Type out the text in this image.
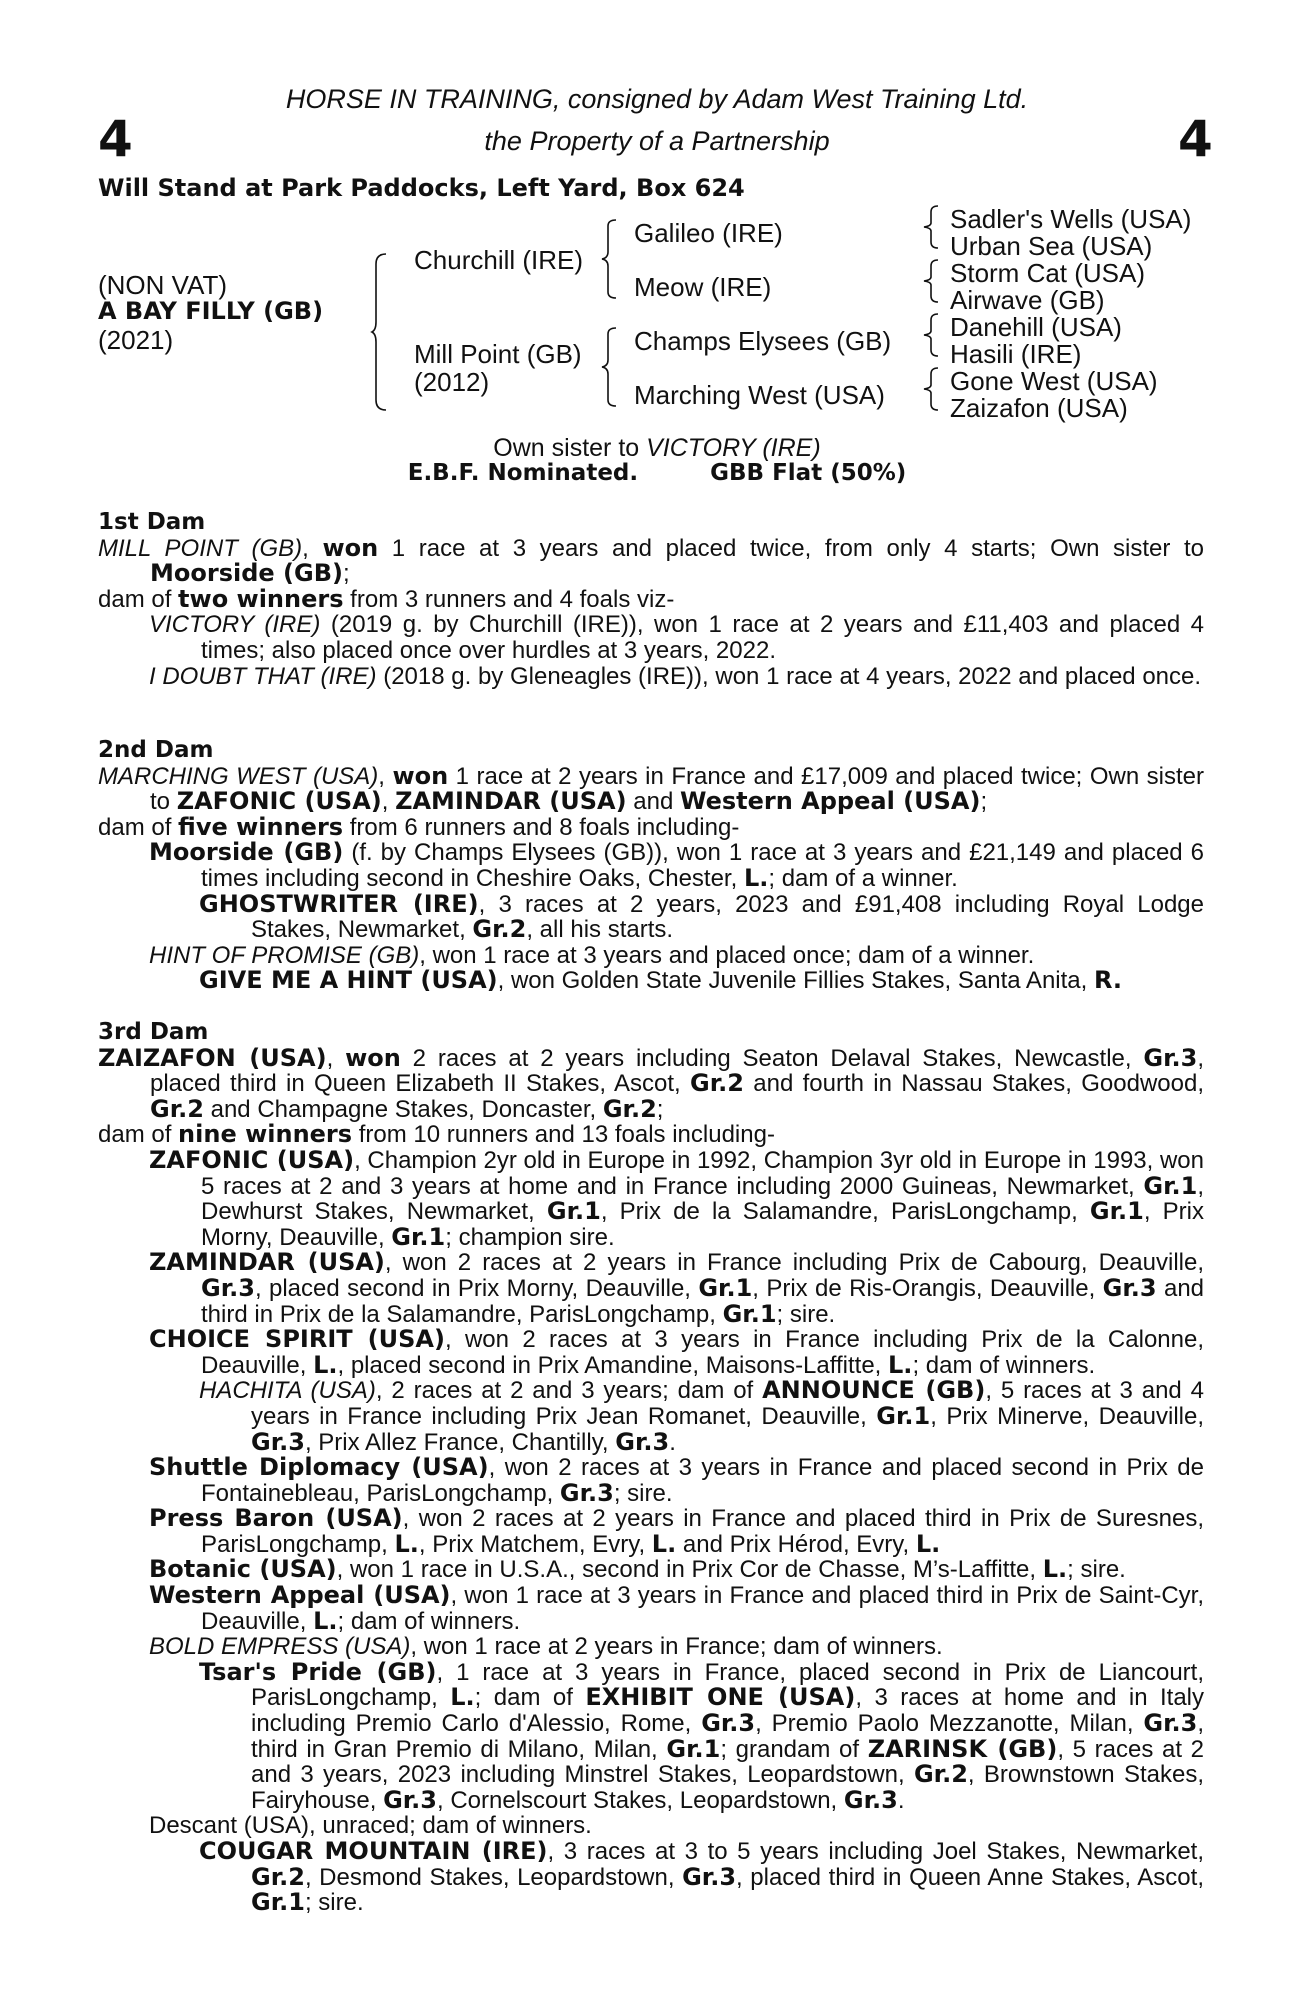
4	4
HORSE IN TRAINING, consigned by Adam West Training Ltd.
the Property of a Partnership
Will Stand at Park Paddocks, Left Yard, Box 624
(NON VAT)
A BAY FILLY (GB)
(2021)
Churchill (IRE)
Mill Point (GB)
(2012)
Galileo (IRE)
Meow (IRE)
Champs Elysees (GB)
Marching West (USA)
Sadler's Wells (USA)
Urban Sea (USA)
Storm Cat (USA)
Airwave (GB)
Danehill (USA)
Hasili (IRE)
Gone West (USA)
Zaizafon (USA)
Own sister to VICTORY (IRE)
E.B.F. Nominated.	GBB Flat (50%)
1st Dam

MILL POINT (GB), won 1 race at 3 years and placed twice, from only 4 starts; Own sister to Moorside (GB);

dam of two winners from 3 runners and 4 foals viz-

VICTORY (IRE) (2019 g. by Churchill (IRE)), won 1 race at 2 years and £11,403 and placed 4 times; also placed once over hurdles at 3 years, 2022.

I DOUBT THAT (IRE) (2018 g. by Gleneagles (IRE)), won 1 race at 4 years, 2022 and placed once.

2nd Dam

MARCHING WEST (USA), won 1 race at 2 years in France and £17,009 and placed twice; Own sister to ZAFONIC (USA), ZAMINDAR (USA) and Western Appeal (USA);

dam of five winners from 6 runners and 8 foals including-

Moorside (GB) (f. by Champs Elysees (GB)), won 1 race at 3 years and £21,149 and placed 6 times including second in Cheshire Oaks, Chester, L.; dam of a winner.

GHOSTWRITER (IRE), 3 races at 2 years, 2023 and £91,408 including Royal Lodge Stakes, Newmarket, Gr.2, all his starts.

HINT OF PROMISE (GB), won 1 race at 3 years and placed once; dam of a winner.

GIVE ME A HINT (USA), won Golden State Juvenile Fillies Stakes, Santa Anita, R.

3rd Dam

ZAIZAFON (USA), won 2 races at 2 years including Seaton Delaval Stakes, Newcastle, Gr.3, placed third in Queen Elizabeth II Stakes, Ascot, Gr.2 and fourth in Nassau Stakes, Goodwood, Gr.2 and Champagne Stakes, Doncaster, Gr.2;

dam of nine winners from 10 runners and 13 foals including-

ZAFONIC (USA), Champion 2yr old in Europe in 1992, Champion 3yr old in Europe in 1993, won 5 races at 2 and 3 years at home and in France including 2000 Guineas, Newmarket, Gr.1, Dewhurst Stakes, Newmarket, Gr.1, Prix de la Salamandre, ParisLongchamp, Gr.1, Prix Morny, Deauville, Gr.1; champion sire.

ZAMINDAR (USA), won 2 races at 2 years in France including Prix de Cabourg, Deauville, Gr.3, placed second in Prix Morny, Deauville, Gr.1, Prix de Ris-Orangis, Deauville, Gr.3 and third in Prix de la Salamandre, ParisLongchamp, Gr.1; sire.

CHOICE SPIRIT (USA), won 2 races at 3 years in France including Prix de la Calonne, Deauville, L., placed second in Prix Amandine, Maisons-Laffitte, L.; dam of winners.

HACHITA (USA), 2 races at 2 and 3 years; dam of ANNOUNCE (GB), 5 races at 3 and 4 years in France including Prix Jean Romanet, Deauville, Gr.1, Prix Minerve, Deauville, Gr.3, Prix Allez France, Chantilly, Gr.3.

Shuttle Diplomacy (USA), won 2 races at 3 years in France and placed second in Prix de Fontainebleau, ParisLongchamp, Gr.3; sire.

Press Baron (USA), won 2 races at 2 years in France and placed third in Prix de Suresnes, ParisLongchamp, L., Prix Matchem, Evry, L. and Prix Hérod, Evry, L.

Botanic (USA), won 1 race in U.S.A., second in Prix Cor de Chasse, M’s-Laffitte, L.; sire.

Western Appeal (USA), won 1 race at 3 years in France and placed third in Prix de Saint-Cyr, Deauville, L.; dam of winners.

BOLD EMPRESS (USA), won 1 race at 2 years in France; dam of winners.

Tsar's Pride (GB), 1 race at 3 years in France, placed second in Prix de Liancourt, ParisLongchamp, L.; dam of EXHIBIT ONE (USA), 3 races at home and in Italy including Premio Carlo d'Alessio, Rome, Gr.3, Premio Paolo Mezzanotte, Milan, Gr.3, third in Gran Premio di Milano, Milan, Gr.1; grandam of ZARINSK (GB), 5 races at 2 and 3 years, 2023 including Minstrel Stakes, Leopardstown, Gr.2, Brownstown Stakes, Fairyhouse, Gr.3, Cornelscourt Stakes, Leopardstown, Gr.3.

Descant (USA), unraced; dam of winners.

COUGAR MOUNTAIN (IRE), 3 races at 3 to 5 years including Joel Stakes, Newmarket, Gr.2, Desmond Stakes, Leopardstown, Gr.3, placed third in Queen Anne Stakes, Ascot, Gr.1; sire.
